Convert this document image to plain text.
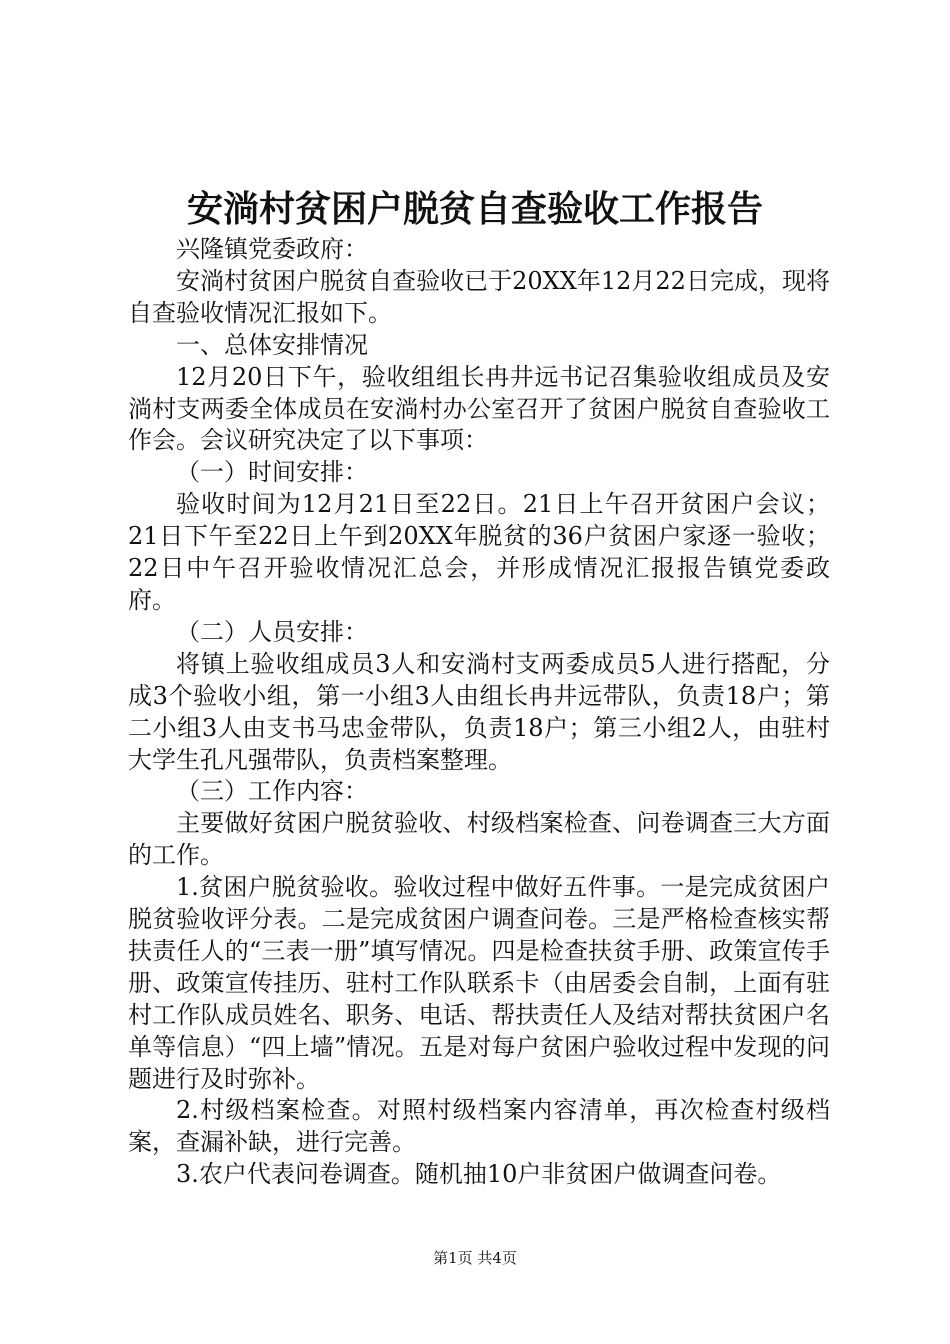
安淌村贫困户脱贫自查验收工作报告

兴隆镇党委政府：

安淌村贫困户脱贫自查验收已于20XX年12月22日完成，现将自查验收情况汇报如下。

一、总体安排情况

12月20日下午，验收组组长冉井远书记召集验收组成员及安淌村支两委全体成员在安淌村办公室召开了贫困户脱贫自查验收工作会。会议研究决定了以下事项：

（一）时间安排：

验收时间为12月21日至22日。21日上午召开贫困户会议；21日下午至22日上午到20XX年脱贫的36户贫困户家逐一验收；22日中午召开验收情况汇总会，并形成情况汇报报告镇党委政府。

（二）人员安排：

将镇上验收组成员3人和安淌村支两委成员5人进行搭配，分成3个验收小组，第一小组3人由组长冉井远带队，负责18户；第二小组3人由支书马忠金带队，负责18户；第三小组2人，由驻村大学生孔凡强带队，负责档案整理。

（三）工作内容：

主要做好贫困户脱贫验收、村级档案检查、问卷调查三大方面的工作。

1.贫困户脱贫验收。验收过程中做好五件事。一是完成贫困户脱贫验收评分表。二是完成贫困户调查问卷。三是严格检查核实帮扶责任人的“三表一册”填写情况。四是检查扶贫手册、政策宣传手册、政策宣传挂历、驻村工作队联系卡（由居委会自制，上面有驻村工作队成员姓名、职务、电话、帮扶责任人及结对帮扶贫困户名单等信息）“四上墙”情况。五是对每户贫困户验收过程中发现的问题进行及时弥补。

2.村级档案检查。对照村级档案内容清单，再次检查村级档案，查漏补缺，进行完善。

3.农户代表问卷调查。随机抽10户非贫困户做调查问卷。

第1页 共4页
